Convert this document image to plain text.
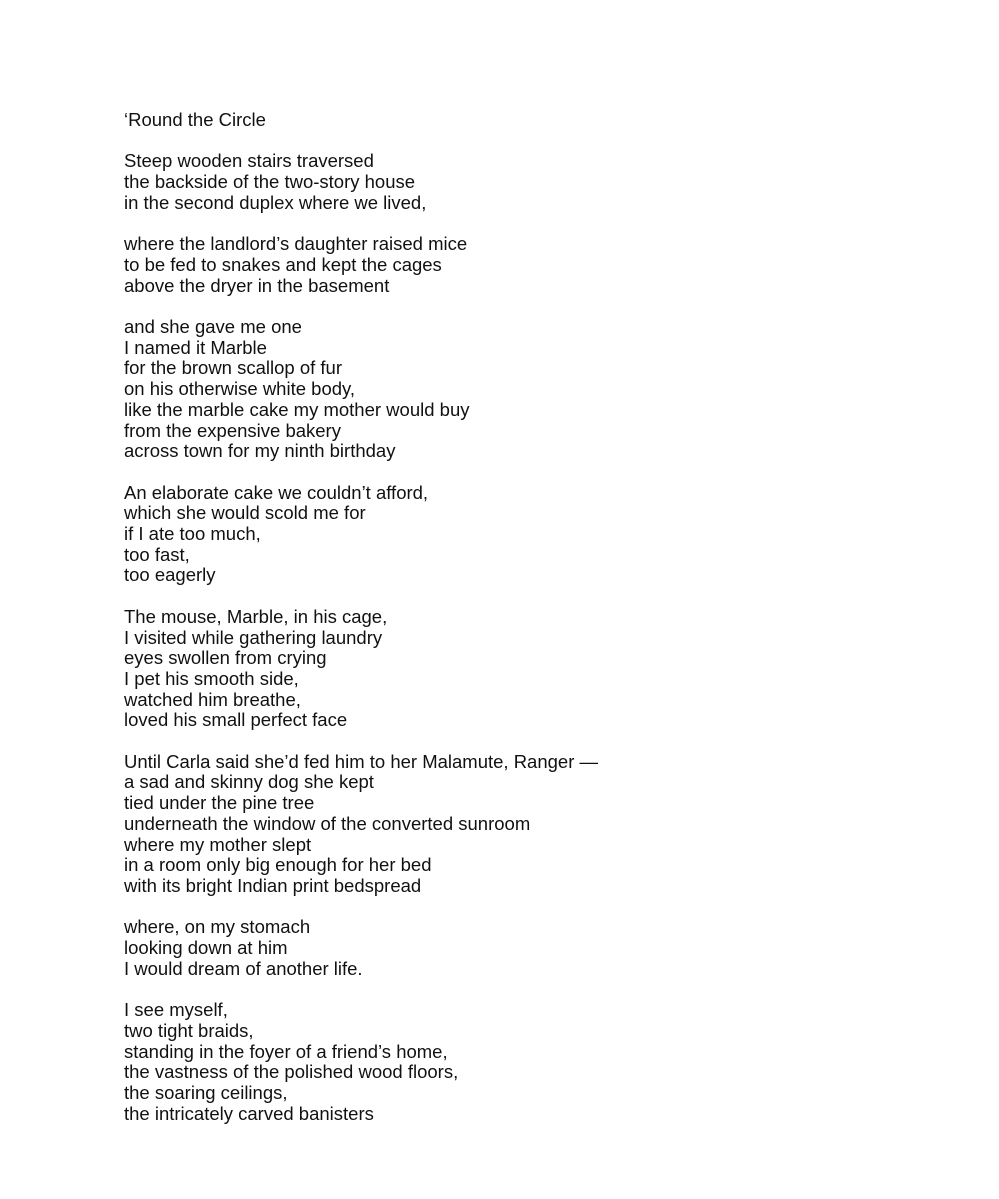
‘Round the Circle
Steep wooden stairs traversed
the backside of the two-story house
in the second duplex where we lived,
where the landlord’s daughter raised mice
to be fed to snakes and kept the cages
above the dryer in the basement
and she gave me one
I named it Marble
for the brown scallop of fur
on his otherwise white body,
like the marble cake my mother would buy
from the expensive bakery
across town for my ninth birthday
An elaborate cake we couldn’t afford,
which she would scold me for
if I ate too much,
too fast,
too eagerly
The mouse, Marble, in his cage,
I visited while gathering laundry
eyes swollen from crying
I pet his smooth side,
watched him breathe,
loved his small perfect face
Until Carla said she’d fed him to her Malamute, Ranger —
a sad and skinny dog she kept
tied under the pine tree
underneath the window of the converted sunroom
where my mother slept
in a room only big enough for her bed
with its bright Indian print bedspread
where, on my stomach
looking down at him
I would dream of another life.
I see myself,
two tight braids,
standing in the foyer of a friend’s home,
the vastness of the polished wood floors,
the soaring ceilings,
the intricately carved banisters
